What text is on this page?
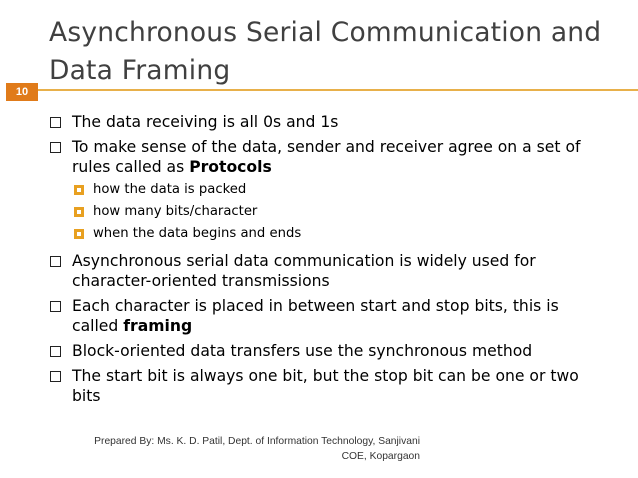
Asynchronous Serial Communication and Data Framing
10
The data receiving is all 0s and 1s
To make sense of the data, sender and receiver agree on a set of rules called as Protocols
how the data is packed
how many bits/character
when the data begins and ends
Asynchronous serial data communication is widely used for character-oriented transmissions
Each character is placed in between start and stop bits, this is called framing
Block-oriented data transfers use the synchronous method
The start bit is always one bit, but the stop bit can be one or two bits
Prepared By: Ms. K. D. Patil, Dept. of Information Technology, Sanjivani
COE, Kopargaon
